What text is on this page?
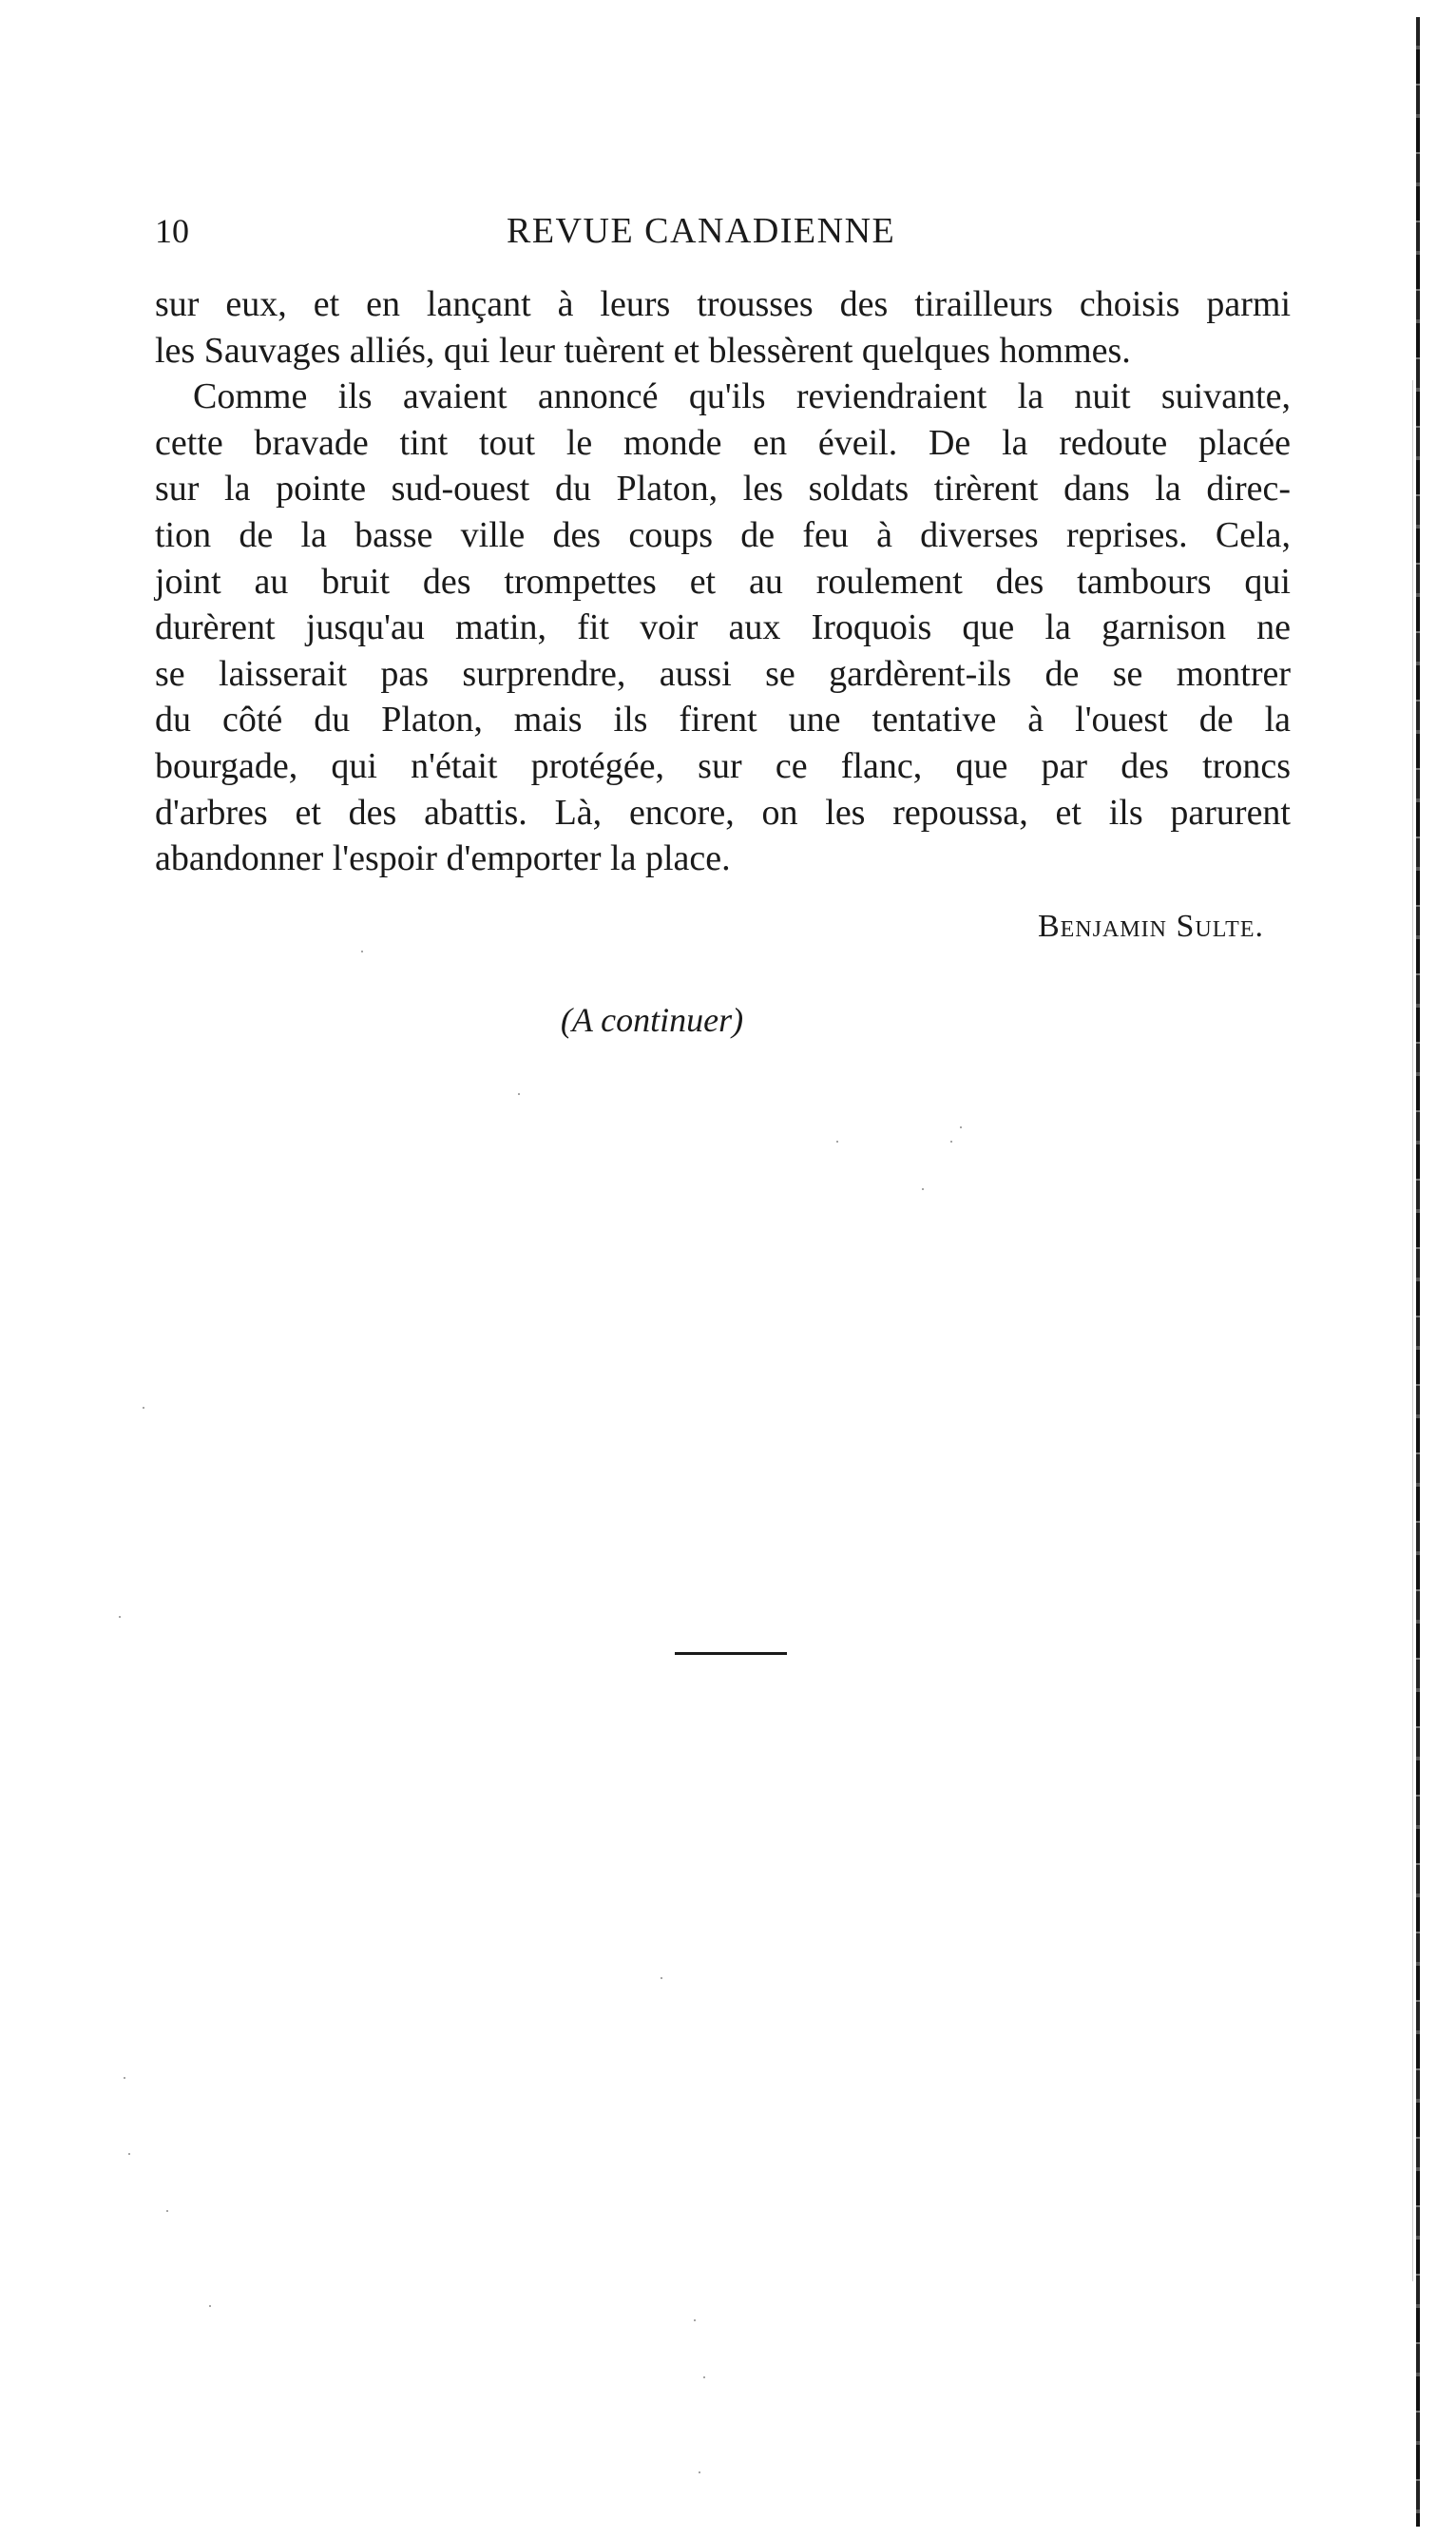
10	REVUE CANADIENNE
sur eux, et en lançant à leurs trousses des tirailleurs choisis parmi
les Sauvages alliés, qui leur tuèrent et blessèrent quelques hommes.
Comme ils avaient annoncé qu'ils reviendraient la nuit suivante,
cette bravade tint tout le monde en éveil. De la redoute placée
sur la pointe sud-ouest du Platon, les soldats tirèrent dans la direc-
tion de la basse ville des coups de feu à diverses reprises. Cela,
joint au bruit des trompettes et au roulement des tambours qui
durèrent jusqu'au matin, fit voir aux Iroquois que la garnison ne
se laisserait pas surprendre, aussi se gardèrent-ils de se montrer
du côté du Platon, mais ils firent une tentative à l'ouest de la
bourgade, qui n'était protégée, sur ce flanc, que par des troncs
d'arbres et des abattis. Là, encore, on les repoussa, et ils parurent
abandonner l'espoir d'emporter la place.
Benjamin Sulte.
(A continuer)
